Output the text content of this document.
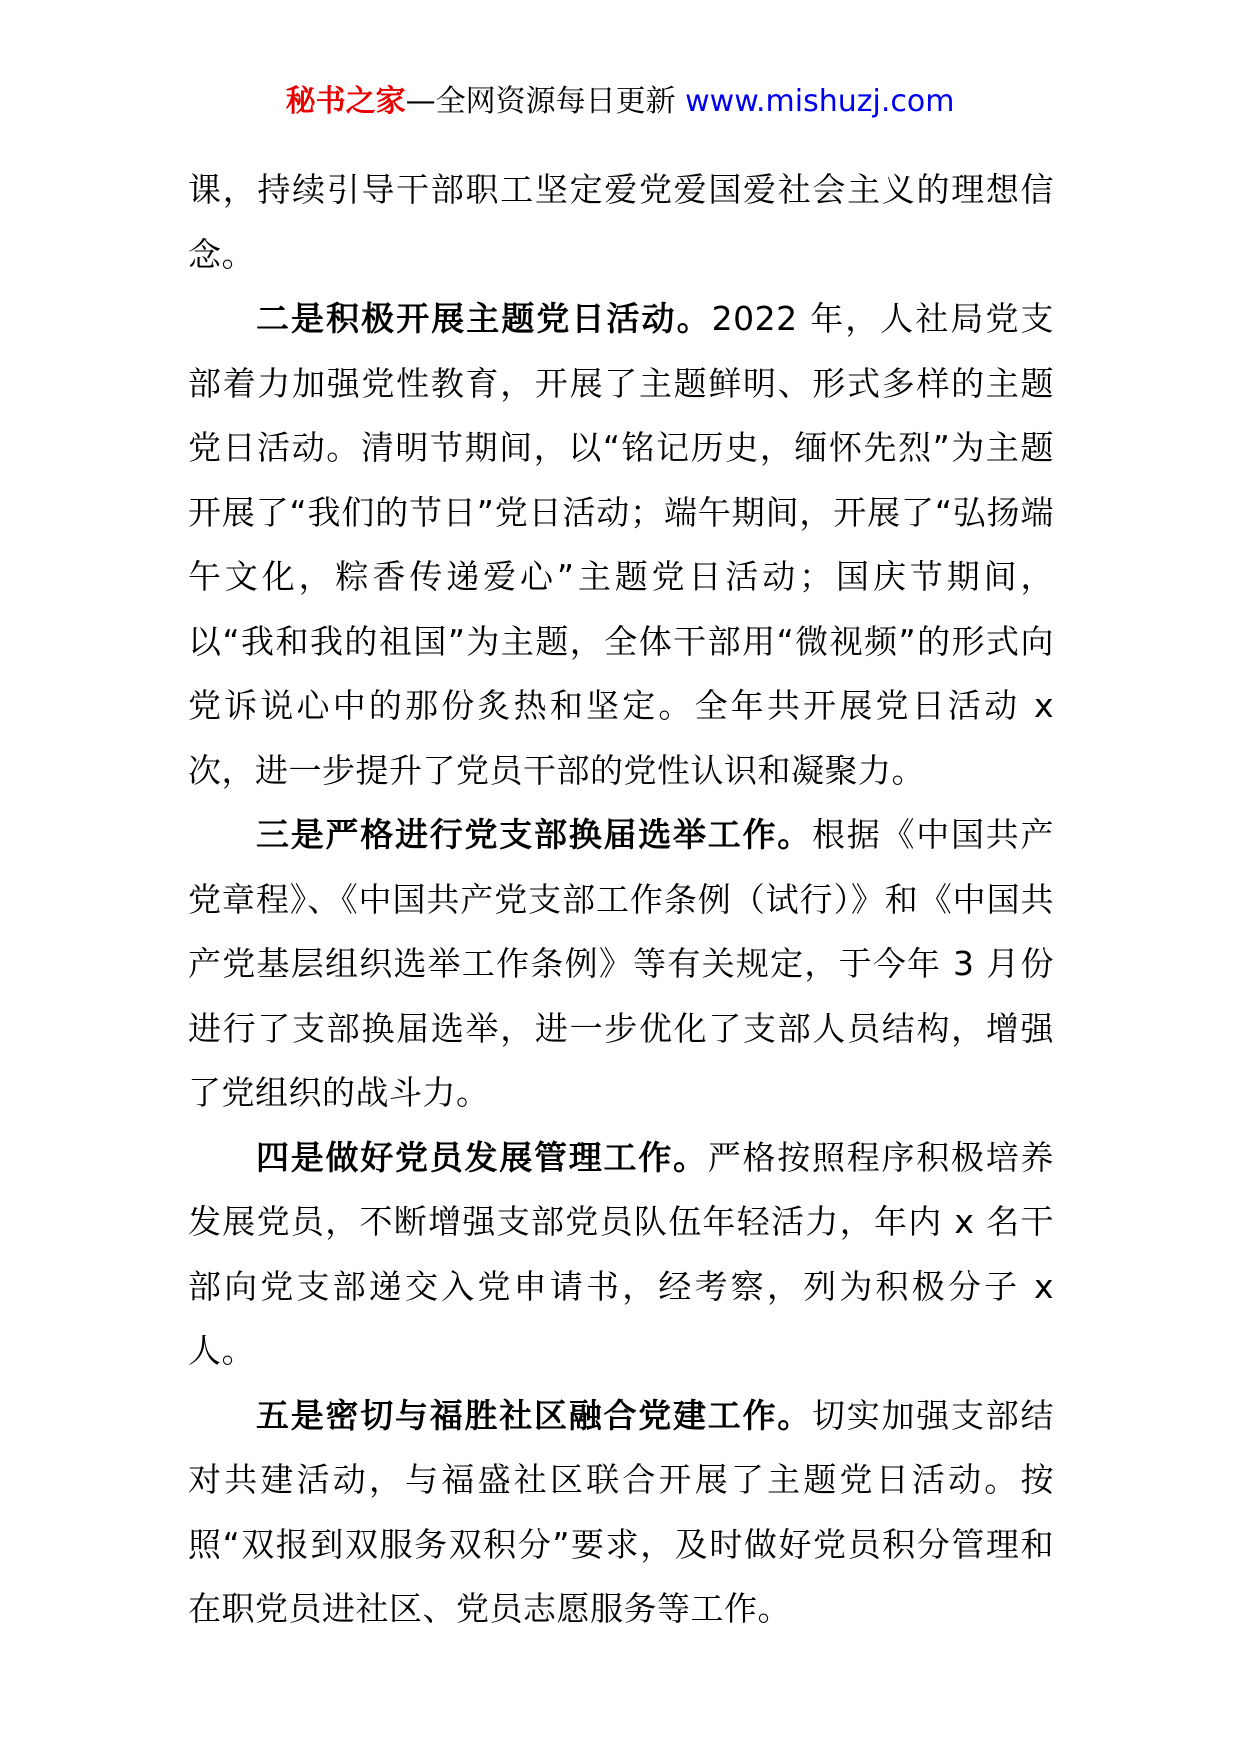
秘书之家—全网资源每日更新 www.mishuzj.com

课，持续引导干部职工坚定爱党爱国爱社会主义的理想信念。

二是积极开展主题党日活动。2022 年，人社局党支部着力加强党性教育，开展了主题鲜明、形式多样的主题党日活动。清明节期间，以“铭记历史，缅怀先烈”为主题开展了“我们的节日”党日活动；端午期间，开展了“弘扬端午文化，粽香传递爱心”主题党日活动；国庆节期间，以“我和我的祖国”为主题，全体干部用“微视频”的形式向党诉说心中的那份炙热和坚定。全年共开展党日活动 x 次，进一步提升了党员干部的党性认识和凝聚力。

三是严格进行党支部换届选举工作。根据《中国共产党章程》、《中国共产党支部工作条例（试行）》和《中国共产党基层组织选举工作条例》等有关规定，于今年 3 月份进行了支部换届选举，进一步优化了支部人员结构，增强了党组织的战斗力。

四是做好党员发展管理工作。严格按照程序积极培养发展党员，不断增强支部党员队伍年轻活力，年内 x 名干部向党支部递交入党申请书，经考察，列为积极分子 x 人。

五是密切与福胜社区融合党建工作。切实加强支部结对共建活动，与福盛社区联合开展了主题党日活动。按照“双报到双服务双积分”要求，及时做好党员积分管理和在职党员进社区、党员志愿服务等工作。
